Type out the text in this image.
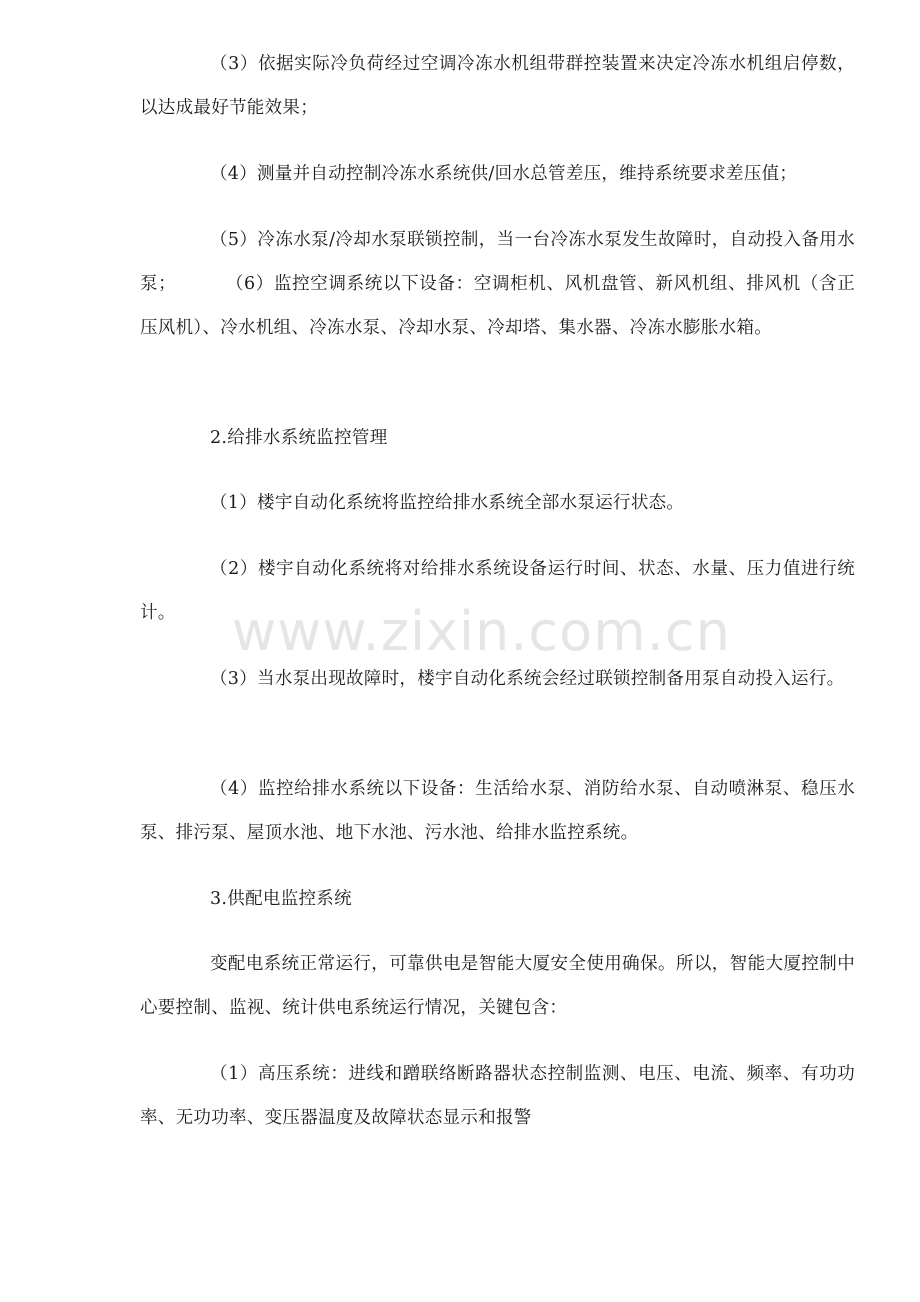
（3）依据实际冷负荷经过空调冷冻水机组带群控装置来决定冷冻水机组启停数，以达成最好节能效果；

（4）测量并自动控制冷冻水系统供/回水总管差压，维持系统要求差压值；

（5）冷冻水泵/冷却水泵联锁控制，当一台冷冻水泵发生故障时，自动投入备用水泵；        （6）监控空调系统以下设备：空调柜机、风机盘管、新风机组、排风机（含正压风机）、冷水机组、冷冻水泵、冷却水泵、冷却塔、集水器、冷冻水膨胀水箱。

2.给排水系统监控管理

（1）楼宇自动化系统将监控给排水系统全部水泵运行状态。

（2）楼宇自动化系统将对给排水系统设备运行时间、状态、水量、压力值进行统计。

（3）当水泵出现故障时，楼宇自动化系统会经过联锁控制备用泵自动投入运行。

（4）监控给排水系统以下设备：生活给水泵、消防给水泵、自动喷淋泵、稳压水泵、排污泵、屋顶水池、地下水池、污水池、给排水监控系统。

3.供配电监控系统

变配电系统正常运行，可靠供电是智能大厦安全使用确保。所以，智能大厦控制中心要控制、监视、统计供电系统运行情况，关键包含：

（1）高压系统：进线和蹭联络断路器状态控制监测、电压、电流、频率、有功功率、无功功率、变压器温度及故障状态显示和报警

www.zixin.com.cn
